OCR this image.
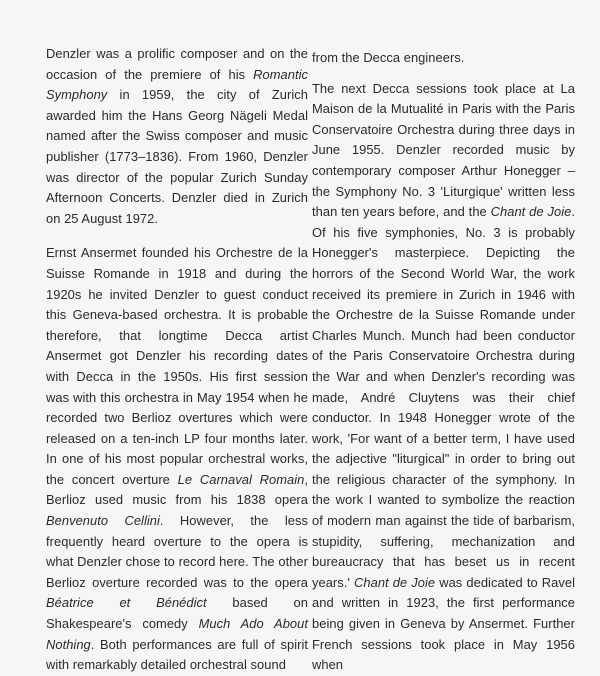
Denzler was a prolific composer and on the occasion of the premiere of his Romantic Symphony in 1959, the city of Zurich awarded him the Hans Georg Nägeli Medal named after the Swiss composer and music publisher (1773–1836). From 1960, Denzler was director of the popular Zurich Sunday Afternoon Concerts. Denzler died in Zurich on 25 August 1972.

Ernst Ansermet founded his Orchestre de la Suisse Romande in 1918 and during the 1920s he invited Denzler to guest conduct this Geneva-based orchestra. It is probable therefore, that longtime Decca artist Ansermet got Denzler his recording dates with Decca in the 1950s. His first session was with this orchestra in May 1954 when he recorded two Berlioz overtures which were released on a ten-inch LP four months later. In one of his most popular orchestral works, the concert overture Le Carnaval Romain, Berlioz used music from his 1838 opera Benvenuto Cellini. However, the less frequently heard overture to the opera is what Denzler chose to record here. The other Berlioz overture recorded was to the opera Béatrice et Bénédict based on Shakespeare's comedy Much Ado About Nothing. Both performances are full of spirit with remarkably detailed orchestral sound

from the Decca engineers.

The next Decca sessions took place at La Maison de la Mutualité in Paris with the Paris Conservatoire Orchestra during three days in June 1955. Denzler recorded music by contemporary composer Arthur Honegger – the Symphony No. 3 'Liturgique' written less than ten years before, and the Chant de Joie. Of his five symphonies, No. 3 is probably Honegger's masterpiece. Depicting the horrors of the Second World War, the work received its premiere in Zurich in 1946 with the Orchestre de la Suisse Romande under Charles Munch. Munch had been conductor of the Paris Conservatoire Orchestra during the War and when Denzler's recording was made, André Cluytens was their chief conductor. In 1948 Honegger wrote of the work, 'For want of a better term, I have used the adjective "liturgical" in order to bring out the religious character of the symphony. In the work I wanted to symbolize the reaction of modern man against the tide of barbarism, stupidity, suffering, mechanization and bureaucracy that has beset us in recent years.' Chant de Joie was dedicated to Ravel and written in 1923, the first performance being given in Geneva by Ansermet. Further French sessions took place in May 1956 when
